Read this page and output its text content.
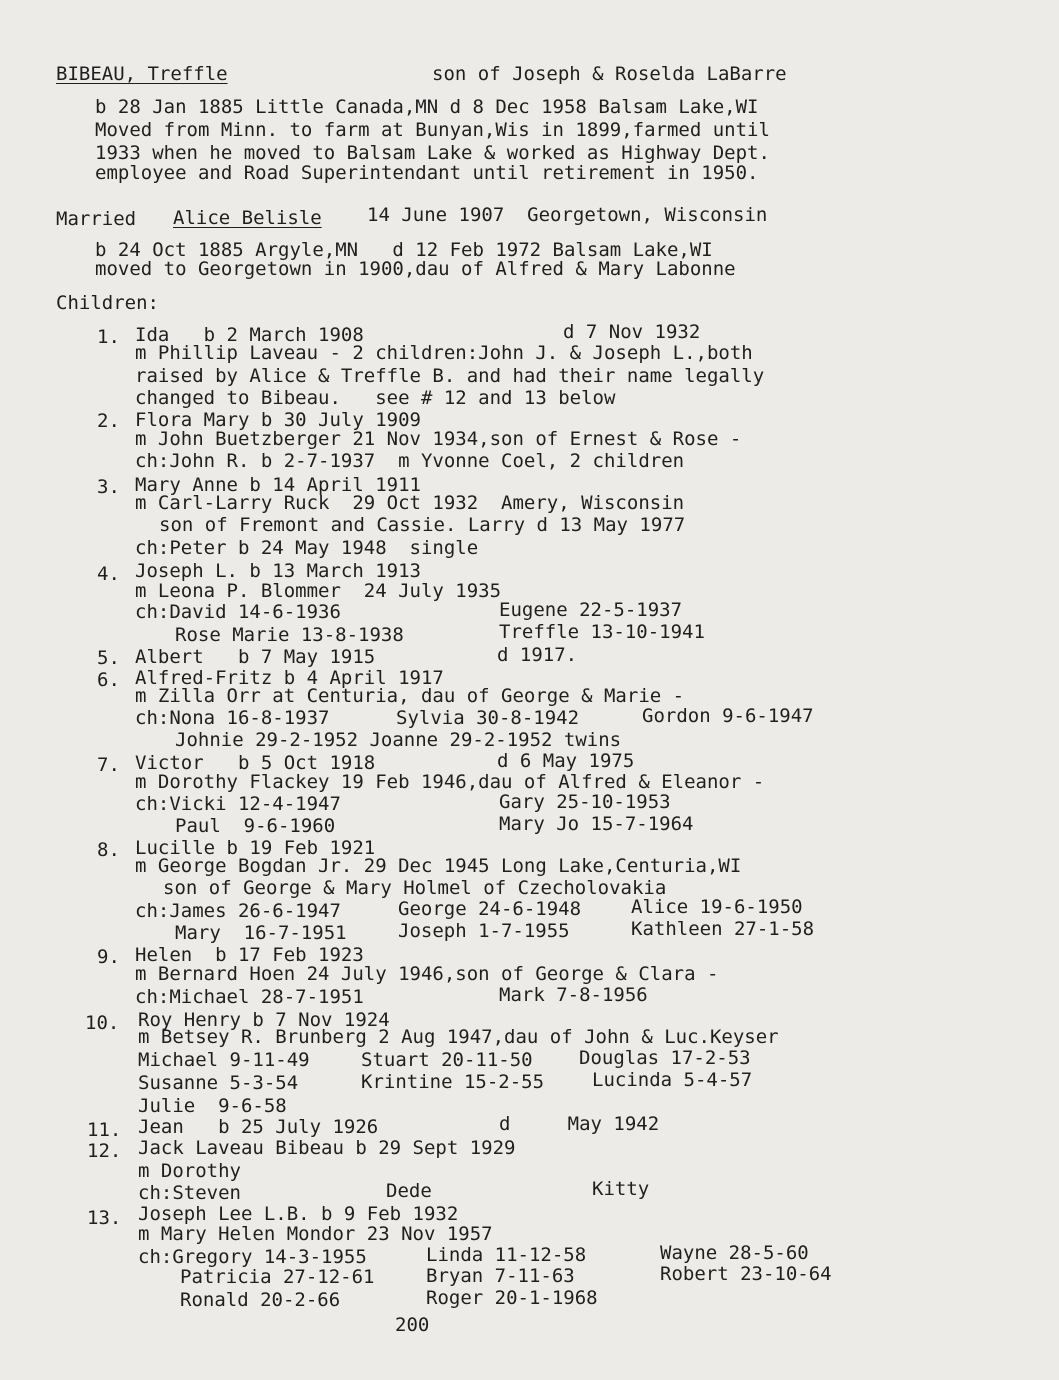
BIBEAU, Treffle	son of Joseph & Roselda LaBarre
b 28 Jan 1885 Little Canada,MN d 8 Dec 1958 Balsam Lake,WI
Moved from Minn. to farm at Bunyan,Wis in 1899,farmed until
1933 when he moved to Balsam Lake & worked as Highway Dept.
employee and Road Superintendant until retirement in 1950.
Married Alice Belisle 14 June 1907  Georgetown, Wisconsin
b 24 Oct 1885 Argyle,MN   d 12 Feb 1972 Balsam Lake,WI
moved to Georgetown in 1900,dau of Alfred & Mary Labonne
Children:
1. Ida   b 2 March 1908	d 7 Nov 1932
m Phillip Laveau - 2 children:John J. & Joseph L.,both
raised by Alice & Treffle B. and had their name legally
changed to Bibeau.   see # 12 and 13 below
2. Flora Mary b 30 July 1909
m John Buetzberger 21 Nov 1934,son of Ernest & Rose -
ch:John R. b 2-7-1937  m Yvonne Coel, 2 children
3. Mary Anne b 14 April 1911
m Carl-Larry Ruck  29 Oct 1932  Amery, Wisconsin
son of Fremont and Cassie. Larry d 13 May 1977
ch:Peter b 24 May 1948  single
4. Joseph L. b 13 March 1913
m Leona P. Blommer  24 July 1935
ch:David 14-6-1936	Eugene 22-5-1937
Rose Marie 13-8-1938	Treffle 13-10-1941
5. Albert   b 7 May 1915	d 1917.
6. Alfred-Fritz b 4 April 1917
m Zilla Orr at Centuria, dau of George & Marie -
ch:Nona 16-8-1937	Sylvia 30-8-1942	Gordon 9-6-1947
Johnie 29-2-1952 Joanne 29-2-1952 twins
7. Victor   b 5 Oct 1918	d 6 May 1975
m Dorothy Flackey 19 Feb 1946,dau of Alfred & Eleanor -
ch:Vicki 12-4-1947	Gary 25-10-1953
Paul  9-6-1960	Mary Jo 15-7-1964
8. Lucille b 19 Feb 1921
m George Bogdan Jr. 29 Dec 1945 Long Lake,Centuria,WI
son of George & Mary Holmel of Czecholovakia
ch:James 26-6-1947	George 24-6-1948	Alice 19-6-1950
Mary  16-7-1951	Joseph 1-7-1955	Kathleen 27-1-58
9. Helen  b 17 Feb 1923
m Bernard Hoen 24 July 1946,son of George & Clara -
ch:Michael 28-7-1951	Mark 7-8-1956
10. Roy Henry b 7 Nov 1924
m Betsey R. Brunberg 2 Aug 1947,dau of John & Luc.Keyser
Michael 9-11-49	Stuart 20-11-50 Douglas 17-2-53
Susanne 5-3-54	Krintine 15-2-55	Lucinda 5-4-57
Julie  9-6-58
11. Jean   b 25 July 1926	d     May 1942
12. Jack Laveau Bibeau b 29 Sept 1929
m Dorothy
ch:Steven	Dede	Kitty
13. Joseph Lee L.B. b 9 Feb 1932
m Mary Helen Mondor 23 Nov 1957
ch:Gregory 14-3-1955	Linda 11-12-58	Wayne 28-5-60
Patricia 27-12-61	Bryan 7-11-63	Robert 23-10-64
Ronald 20-2-66	Roger 20-1-1968
200
